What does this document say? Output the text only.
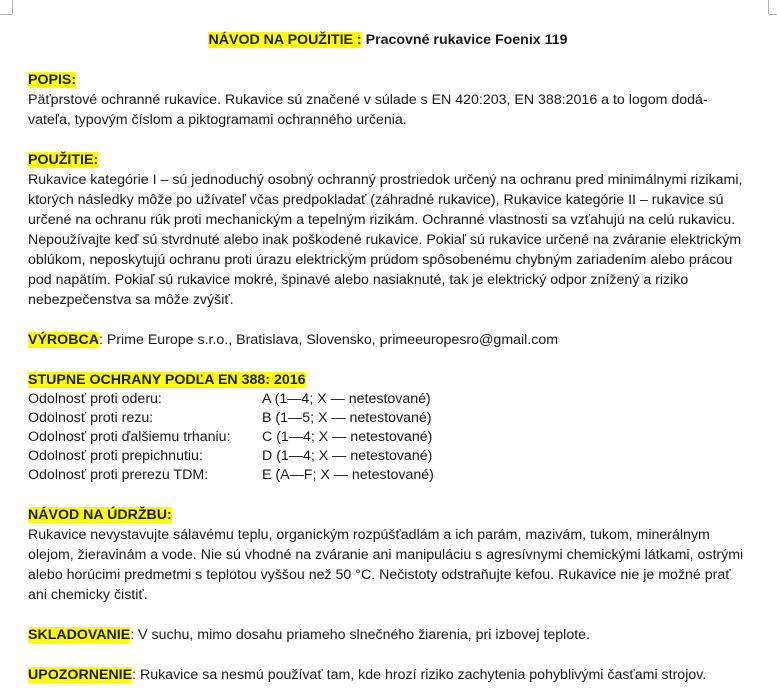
NÁVOD NA POUŽITIE : Pracovné rukavice Foenix 119

POPIS:

Päťprstové ochranné rukavice. Rukavice sú značené v súlade s EN 420:203, EN 388:2016 a to logom dodá-vateľa, typovým číslom a piktogramami ochranného určenia.

POUŽITIE:

Rukavice kategórie I – sú jednoduchý osobný ochranný prostriedok určený na ochranu pred minimálnymi rizikami, ktorých následky môže po užívateľ včas predpokladať (záhradné rukavice), Rukavice kategórie II – rukavice sú určené na ochranu rúk proti mechanickým a tepelným rizikám. Ochranné vlastnosti sa vzťahujú na celú rukavicu. Nepoužívajte keď sú stvrdnuté alebo inak poškodené rukavice. Pokiaľ sú rukavice určené na zváranie elektrickým oblúkom, neposkytujú ochranu proti úrazu elektrickým prúdom spôsobenému chybným zariadením alebo prácou pod napätím. Pokiaľ sú rukavice mokré, špinavé alebo nasiaknuté, tak je elektrický odpor znížený a riziko nebezpečenstva sa môže zvýšiť.

VÝROBCA: Prime Europe s.r.o., Bratislava, Slovensko, primeeuropesro@gmail.com

STUPNE OCHRANY PODĽA EN 388: 2016

Odolnosť proti oderu:	A (1—4; X — netestované)
Odolnosť proti rezu:	B (1—5; X — netestované)
Odolnosť proti ďalšiemu trhaniu:	C (1—4; X — netestované)
Odolnosť proti prepichnutiu:	D (1—4; X — netestované)
Odolnosť proti prerezu TDM:	E (A—F; X — netestované)

NÁVOD NA ÚDRŽBU:

Rukavice nevystavujte sálavému teplu, organickým rozpúšťadlám a ich parám, mazivám, tukom, minerálnym olejom, žieravinám a vode. Nie sú vhodné na zváranie ani manipuláciu s agresívnymi chemickými látkami, ostrými alebo horúcimi predmetmi s teplotou vyššou než 50 °C. Nečistoty odstraňujte kefou. Rukavice nie je možné prať ani chemicky čistiť.

SKLADOVANIE: V suchu, mimo dosahu priameho slnečného žiarenia, pri izbovej teplote.

UPOZORNENIE: Rukavice sa nesmú používať tam, kde hrozí riziko zachytenia pohyblivými časťami strojov.
